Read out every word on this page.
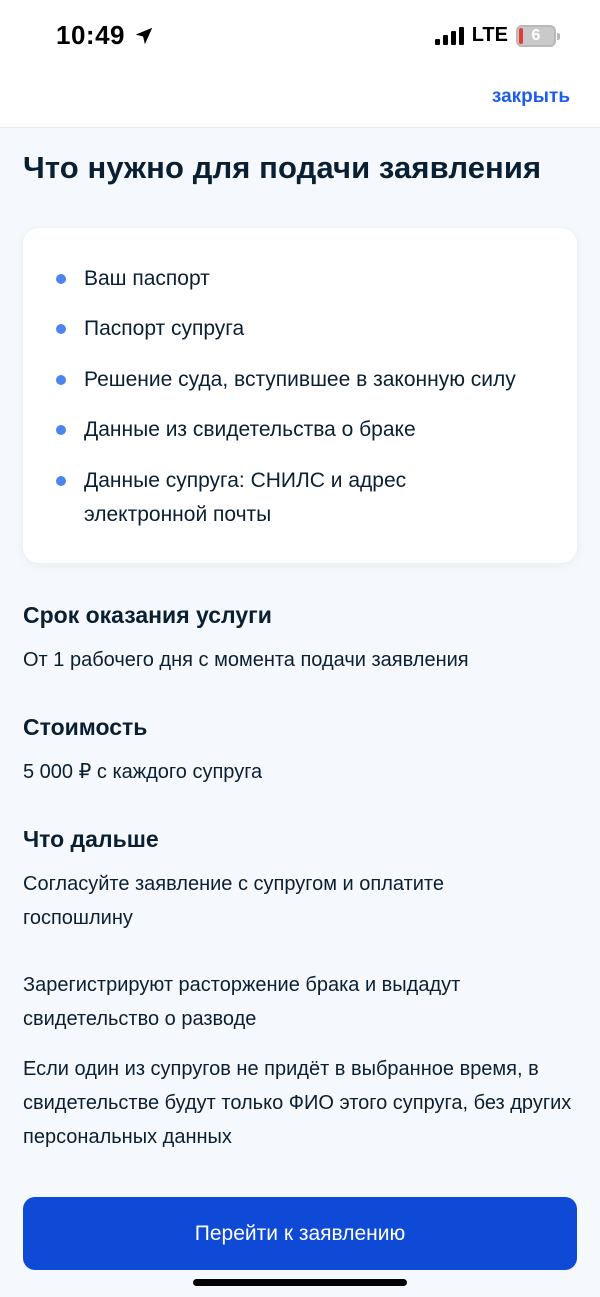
10:49	LTE 6
закрыть
Что нужно для подачи заявления
Ваш паспорт
Паспорт супруга
Решение суда, вступившее в законную силу
Данные из свидетельства о браке
Данные супруга: СНИЛС и адрес электронной почты
Срок оказания услуги

От 1 рабочего дня с момента подачи заявления

Стоимость

5 000 ₽ с каждого супруга

Что дальше

Согласуйте заявление с супругом и оплатите госпошлину

Зарегистрируют расторжение брака и выдадут свидетельство о разводе

Если один из супругов не придёт в выбранное время, в свидетельстве будут только ФИО этого супруга, без других персональных данных

Перейти к заявлению
